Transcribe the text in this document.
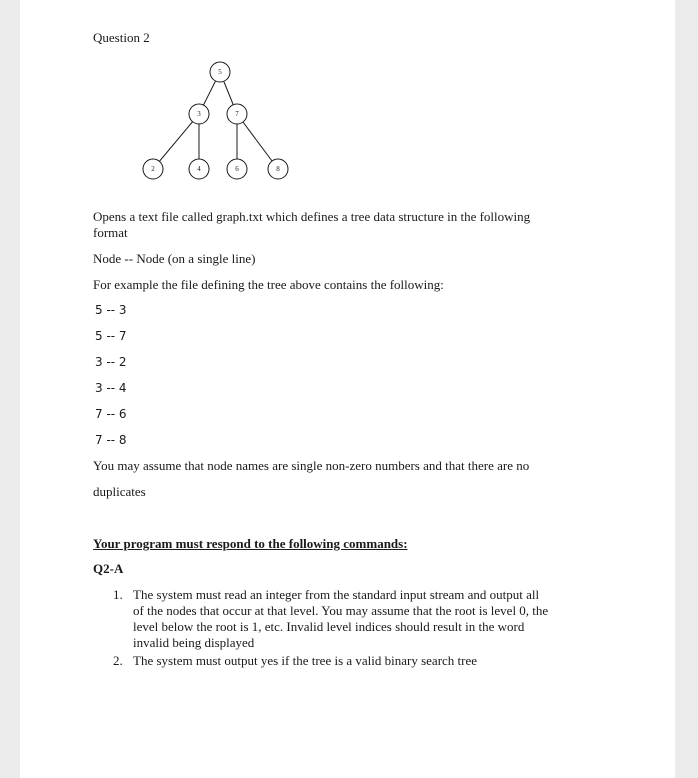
Question 2
5
3	7
2	4	6	8
Opens a text file called graph.txt which defines a tree data structure in the following
format
Node -- Node (on a single line)
For example the file defining the tree above contains the following:
5 -- 3
5 -- 7
3 -- 2
3 -- 4
7 -- 6
7 -- 8
You may assume that node names are single non-zero numbers and that there are no
duplicates
Your program must respond to the following commands:
Q2-A
1. The system must read an integer from the standard input stream and output all
of the nodes that occur at that level. You may assume that the root is level 0, the
level below the root is 1, etc. Invalid level indices should result in the word
invalid being displayed
2. The system must output yes if the tree is a valid binary search tree
